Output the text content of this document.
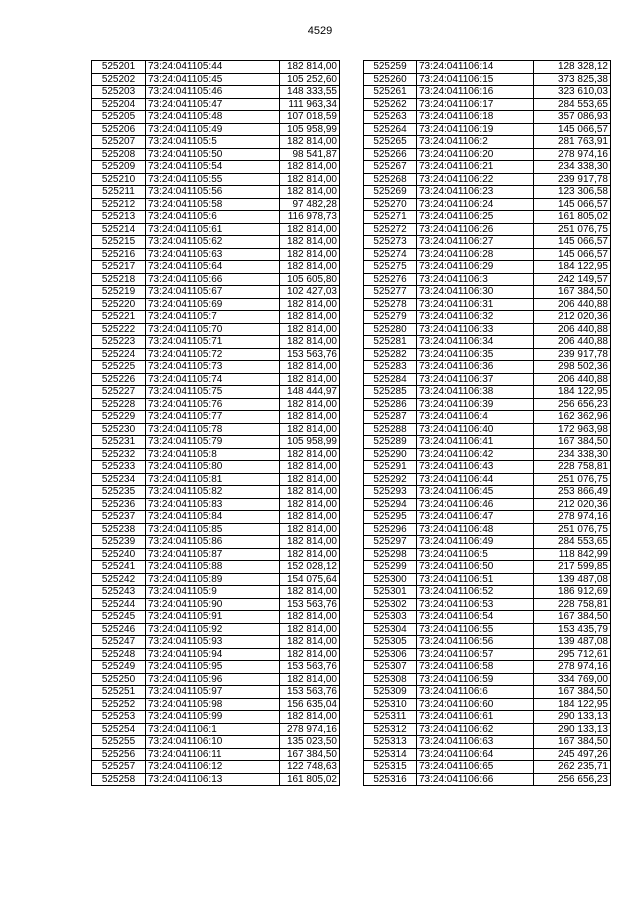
4529
525201	73:24:041105:44	182 814,00
525202	73:24:041105:45	105 252,60
525203	73:24:041105:46	148 333,55
525204	73:24:041105:47	111 963,34
525205	73:24:041105:48	107 018,59
525206	73:24:041105:49	105 958,99
525207	73:24:041105:5	182 814,00
525208	73:24:041105:50	98 541,87
525209	73:24:041105:54	182 814,00
525210	73:24:041105:55	182 814,00
525211	73:24:041105:56	182 814,00
525212	73:24:041105:58	97 482,28
525213	73:24:041105:6	116 978,73
525214	73:24:041105:61	182 814,00
525215	73:24:041105:62	182 814,00
525216	73:24:041105:63	182 814,00
525217	73:24:041105:64	182 814,00
525218	73:24:041105:66	105 605,80
525219	73:24:041105:67	102 427,03
525220	73:24:041105:69	182 814,00
525221	73:24:041105:7	182 814,00
525222	73:24:041105:70	182 814,00
525223	73:24:041105:71	182 814,00
525224	73:24:041105:72	153 563,76
525225	73:24:041105:73	182 814,00
525226	73:24:041105:74	182 814,00
525227	73:24:041105:75	148 444,97
525228	73:24:041105:76	182 814,00
525229	73:24:041105:77	182 814,00
525230	73:24:041105:78	182 814,00
525231	73:24:041105:79	105 958,99
525232	73:24:041105:8	182 814,00
525233	73:24:041105:80	182 814,00
525234	73:24:041105:81	182 814,00
525235	73:24:041105:82	182 814,00
525236	73:24:041105:83	182 814,00
525237	73:24:041105:84	182 814,00
525238	73:24:041105:85	182 814,00
525239	73:24:041105:86	182 814,00
525240	73:24:041105:87	182 814,00
525241	73:24:041105:88	152 028,12
525242	73:24:041105:89	154 075,64
525243	73:24:041105:9	182 814,00
525244	73:24:041105:90	153 563,76
525245	73:24:041105:91	182 814,00
525246	73:24:041105:92	182 814,00
525247	73:24:041105:93	182 814,00
525248	73:24:041105:94	182 814,00
525249	73:24:041105:95	153 563,76
525250	73:24:041105:96	182 814,00
525251	73:24:041105:97	153 563,76
525252	73:24:041105:98	156 635,04
525253	73:24:041105:99	182 814,00
525254	73:24:041106:1	278 974,16
525255	73:24:041106:10	135 023,50
525256	73:24:041106:11	167 384,50
525257	73:24:041106:12	122 748,63
525258	73:24:041106:13	161 805,02
525259	73:24:041106:14	128 328,12
525260	73:24:041106:15	373 825,38
525261	73:24:041106:16	323 610,03
525262	73:24:041106:17	284 553,65
525263	73:24:041106:18	357 086,93
525264	73:24:041106:19	145 066,57
525265	73:24:041106:2	281 763,91
525266	73:24:041106:20	278 974,16
525267	73:24:041106:21	234 338,30
525268	73:24:041106:22	239 917,78
525269	73:24:041106:23	123 306,58
525270	73:24:041106:24	145 066,57
525271	73:24:041106:25	161 805,02
525272	73:24:041106:26	251 076,75
525273	73:24:041106:27	145 066,57
525274	73:24:041106:28	145 066,57
525275	73:24:041106:29	184 122,95
525276	73:24:041106:3	242 149,57
525277	73:24:041106:30	167 384,50
525278	73:24:041106:31	206 440,88
525279	73:24:041106:32	212 020,36
525280	73:24:041106:33	206 440,88
525281	73:24:041106:34	206 440,88
525282	73:24:041106:35	239 917,78
525283	73:24:041106:36	298 502,36
525284	73:24:041106:37	206 440,88
525285	73:24:041106:38	184 122,95
525286	73:24:041106:39	256 656,23
525287	73:24:041106:4	162 362,96
525288	73:24:041106:40	172 963,98
525289	73:24:041106:41	167 384,50
525290	73:24:041106:42	234 338,30
525291	73:24:041106:43	228 758,81
525292	73:24:041106:44	251 076,75
525293	73:24:041106:45	253 866,49
525294	73:24:041106:46	212 020,36
525295	73:24:041106:47	278 974,16
525296	73:24:041106:48	251 076,75
525297	73:24:041106:49	284 553,65
525298	73:24:041106:5	118 842,99
525299	73:24:041106:50	217 599,85
525300	73:24:041106:51	139 487,08
525301	73:24:041106:52	186 912,69
525302	73:24:041106:53	228 758,81
525303	73:24:041106:54	167 384,50
525304	73:24:041106:55	153 435,79
525305	73:24:041106:56	139 487,08
525306	73:24:041106:57	295 712,61
525307	73:24:041106:58	278 974,16
525308	73:24:041106:59	334 769,00
525309	73:24:041106:6	167 384,50
525310	73:24:041106:60	184 122,95
525311	73:24:041106:61	290 133,13
525312	73:24:041106:62	290 133,13
525313	73:24:041106:63	167 384,50
525314	73:24:041106:64	245 497,26
525315	73:24:041106:65	262 235,71
525316	73:24:041106:66	256 656,23
